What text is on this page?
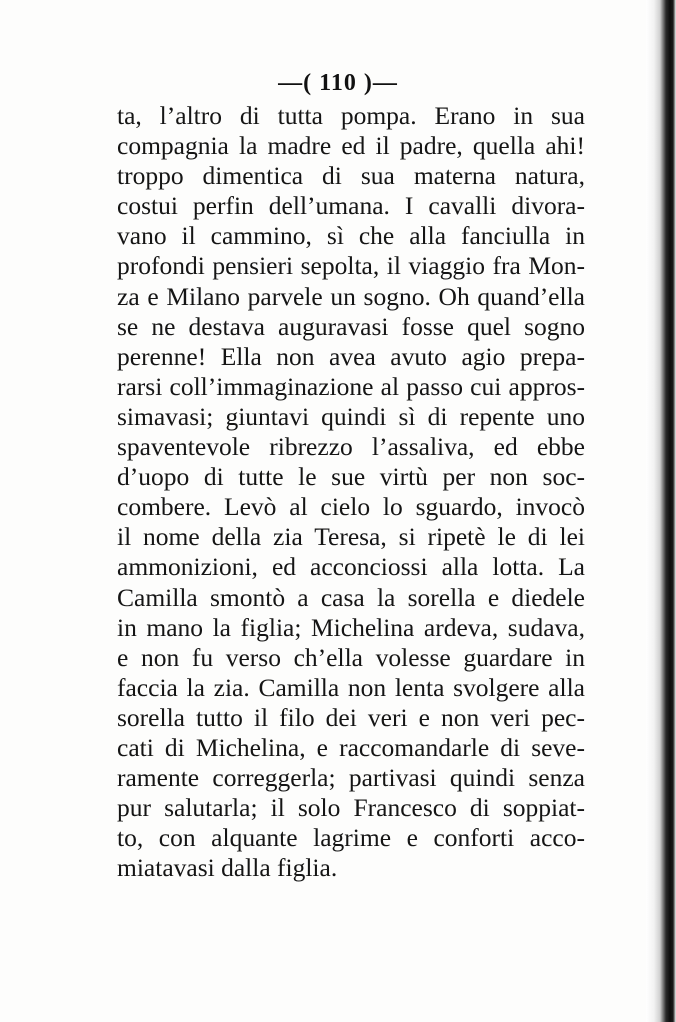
—( 110 )—
ta, l’altro di tutta pompa. Erano in sua
compagnia la madre ed il padre, quella ahi!
troppo dimentica di sua materna natura,
costui perfin dell’umana. I cavalli divora-
vano il cammino, sì che alla fanciulla in
profondi pensieri sepolta, il viaggio fra Mon-
za e Milano parvele un sogno. Oh quand’ella
se ne destava auguravasi fosse quel sogno
perenne! Ella non avea avuto agio prepa-
rarsi coll’immaginazione al passo cui appros-
simavasi; giuntavi quindi sì di repente uno
spaventevole ribrezzo l’assaliva, ed ebbe
d’uopo di tutte le sue virtù per non soc-
combere. Levò al cielo lo sguardo, invocò
il nome della zia Teresa, si ripetè le di lei
ammonizioni, ed acconciossi alla lotta. La
Camilla smontò a casa la sorella e diedele
in mano la figlia; Michelina ardeva, sudava,
e non fu verso ch’ella volesse guardare in
faccia la zia. Camilla non lenta svolgere alla
sorella tutto il filo dei veri e non veri pec-
cati di Michelina, e raccomandarle di seve-
ramente correggerla; partivasi quindi senza
pur salutarla; il solo Francesco di soppiat-
to, con alquante lagrime e conforti acco-
miatavasi dalla figlia.
